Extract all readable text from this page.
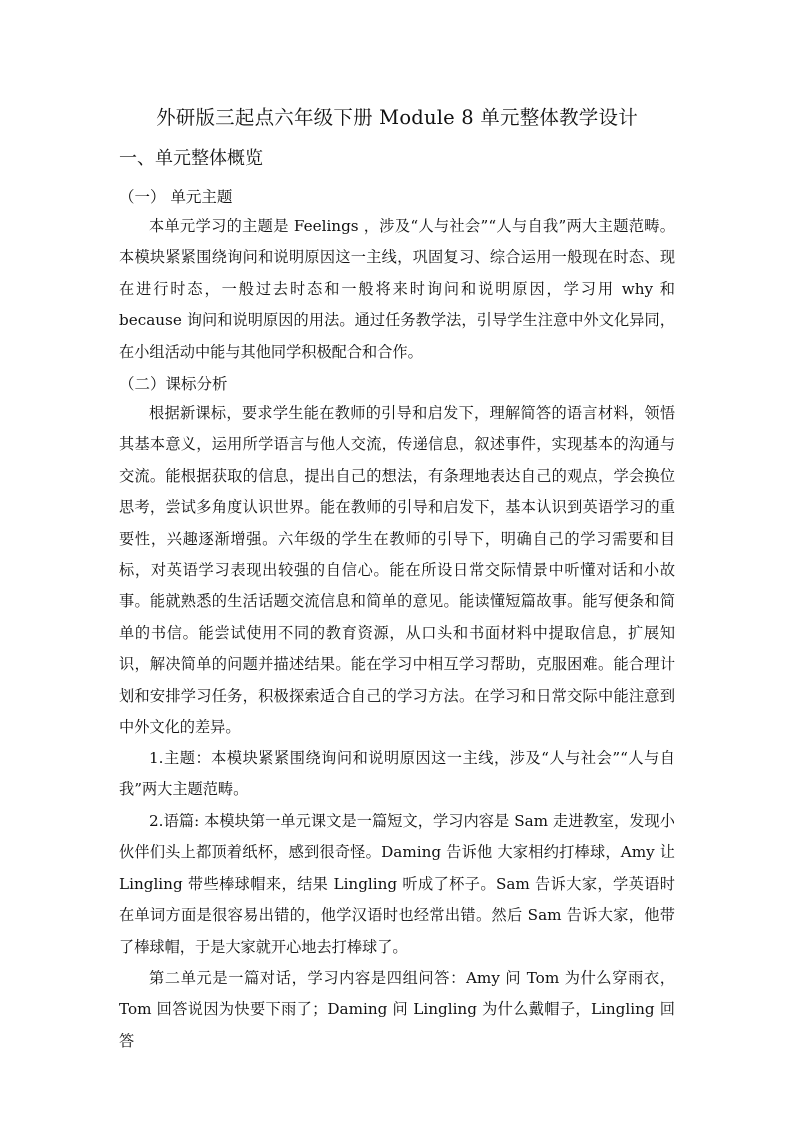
外研版三起点六年级下册 Module 8 单元整体教学设计
一、单元整体概览
（一） 单元主题

本单元学习的主题是 Feelings ，涉及“人与社会”“人与自我”两大主题范畴。本模块紧紧围绕询问和说明原因这一主线，巩固复习、综合运用一般现在时态、现在进行时态，一般过去时态和一般将来时询问和说明原因，学习用 why 和 because 询问和说明原因的用法。通过任务教学法，引导学生注意中外文化异同，在小组活动中能与其他同学积极配合和合作。

（二）课标分析

根据新课标，要求学生能在教师的引导和启发下，理解简答的语言材料，领悟其基本意义，运用所学语言与他人交流，传递信息，叙述事件，实现基本的沟通与交流。能根据获取的信息，提出自己的想法，有条理地表达自己的观点，学会换位思考，尝试多角度认识世界。能在教师的引导和启发下，基本认识到英语学习的重要性，兴趣逐渐增强。六年级的学生在教师的引导下，明确自己的学习需要和目标，对英语学习表现出较强的自信心。能在所设日常交际情景中听懂对话和小故事。能就熟悉的生活话题交流信息和简单的意见。能读懂短篇故事。能写便条和简单的书信。能尝试使用不同的教育资源，从口头和书面材料中提取信息，扩展知识，解决简单的问题并描述结果。能在学习中相互学习帮助，克服困难。能合理计划和安排学习任务，积极探索适合自己的学习方法。在学习和日常交际中能注意到中外文化的差异。

1.主题：本模块紧紧围绕询问和说明原因这一主线，涉及“人与社会”“人与自我”两大主题范畴。

2.语篇: 本模块第一单元课文是一篇短文，学习内容是 Sam 走进教室，发现小伙伴们头上都顶着纸杯，感到很奇怪。Daming 告诉他 大家相约打棒球，Amy 让 Lingling 带些棒球帽来，结果 Lingling 听成了杯子。Sam 告诉大家，学英语时在单词方面是很容易出错的，他学汉语时也经常出错。然后 Sam 告诉大家，他带了棒球帽，于是大家就开心地去打棒球了。

第二单元是一篇对话，学习内容是四组问答：Amy 问 Tom 为什么穿雨衣，Tom 回答说因为快要下雨了；Daming 问 Lingling 为什么戴帽子，Lingling 回答
